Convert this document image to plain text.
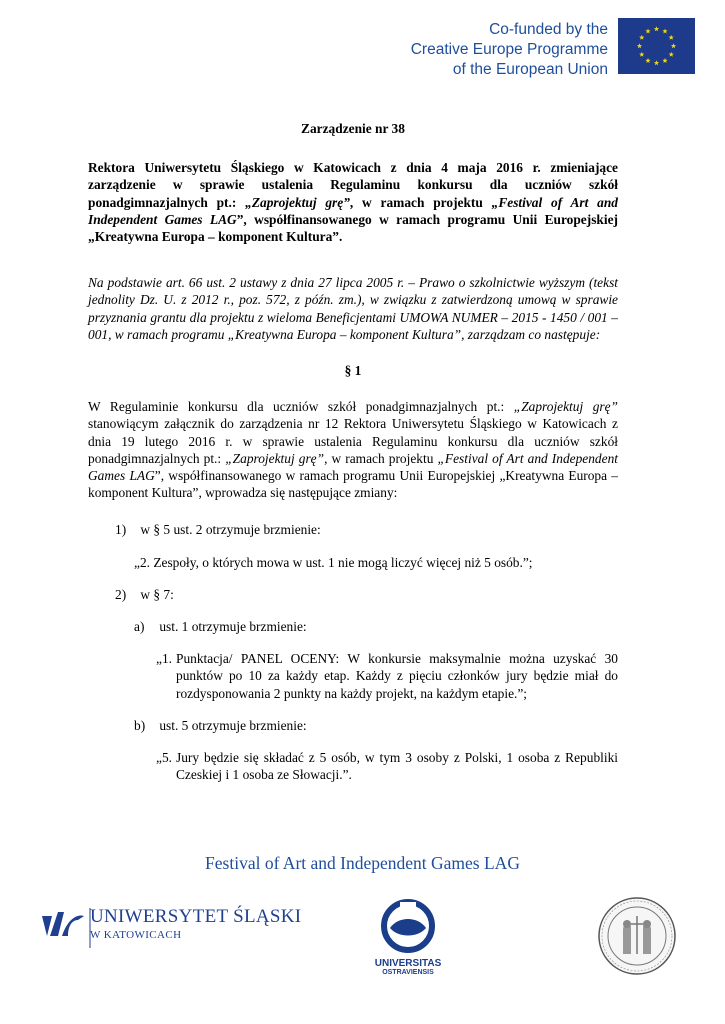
Co-funded by the
Creative Europe Programme
of the European Union

Zarządzenie nr 38

Rektora Uniwersytetu Śląskiego w Katowicach z dnia 4 maja 2016 r. zmieniające zarządzenie w sprawie ustalenia Regulaminu konkursu dla uczniów szkół ponadgimnazjalnych pt.: „Zaprojektuj grę”, w ramach projektu „Festival of Art and Independent Games LAG”, współfinansowanego w ramach programu Unii Europejskiej „Kreatywna Europa – komponent Kultura”.

Na podstawie art. 66 ust. 2 ustawy z dnia 27 lipca 2005 r. – Prawo o szkolnictwie wyższym (tekst jednolity Dz. U. z 2012 r., poz. 572, z późn. zm.), w związku z zatwierdzoną umową w sprawie przyznania grantu dla projektu z wieloma Beneficjentami UMOWA NUMER – 2015 - 1450 / 001 – 001, w ramach programu „Kreatywna Europa – komponent Kultura”, zarządzam co następuje:

§ 1

W Regulaminie konkursu dla uczniów szkół ponadgimnazjalnych pt.: „Zaprojektuj grę” stanowiącym załącznik do zarządzenia nr 12 Rektora Uniwersytetu Śląskiego w Katowicach z dnia 19 lutego 2016 r. w sprawie ustalenia Regulaminu konkursu dla uczniów szkół ponadgimnazjalnych pt.: „Zaprojektuj grę”, w ramach projektu „Festival of Art and Independent Games LAG”, współfinansowanego w ramach programu Unii Europejskiej „Kreatywna Europa – komponent Kultura”, wprowadza się następujące zmiany:

1) w § 5 ust. 2 otrzymuje brzmienie:
„2. Zespoły, o których mowa w ust. 1 nie mogą liczyć więcej niż 5 osób.”;
2) w § 7:
a) ust. 1 otrzymuje brzmienie:
„1. Punktacja/ PANEL OCENY: W konkursie maksymalnie można uzyskać 30 punktów po 10 za każdy etap. Każdy z pięciu członków jury będzie miał do rozdysponowania 2 punkty na każdy projekt, na każdym etapie.”;
b) ust. 5 otrzymuje brzmienie:
„5. Jury będzie się składać z 5 osób, w tym 3 osoby z Polski, 1 osoba z Republiki Czeskiej i 1 osoba ze Słowacji.”.
Festival of Art and Independent Games LAG
UNIWERSYTET ŚLĄSKI
W KATOWICACH
UNIVERSITAS
OSTRAVIENSIS
